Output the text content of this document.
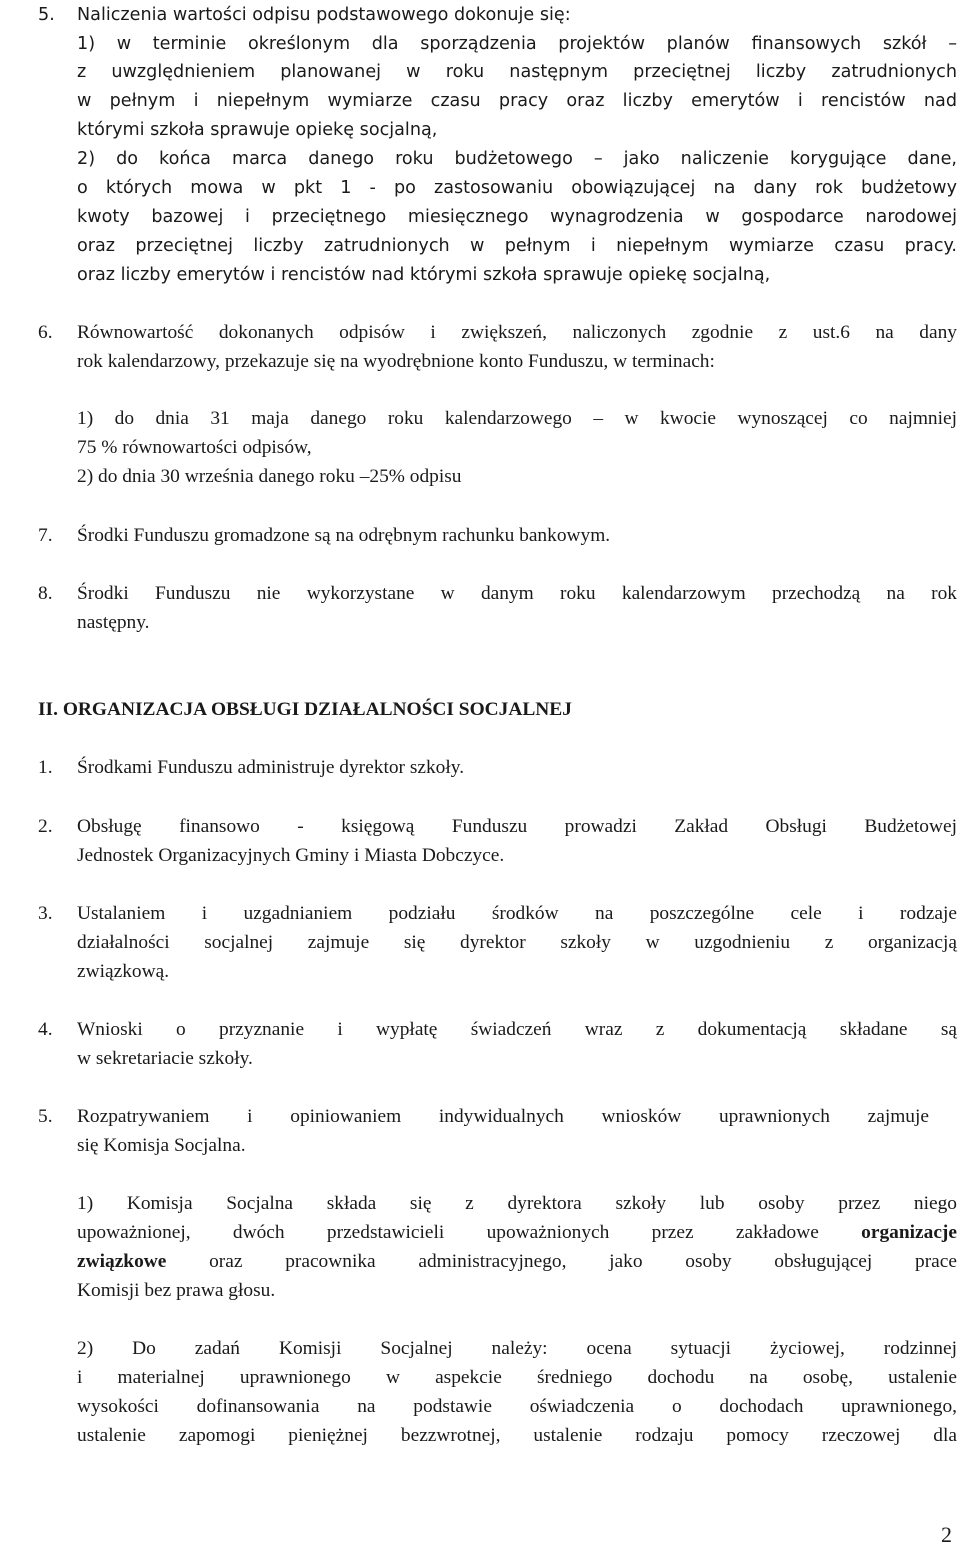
5. Naliczenia wartości odpisu podstawowego dokonuje się:
1) w terminie określonym dla sporządzenia projektów planów finansowych szkół –
z uwzględnieniem planowanej w roku następnym przeciętnej liczby zatrudnionych
w pełnym i niepełnym wymiarze czasu pracy oraz liczby emerytów i rencistów nad
którymi szkoła sprawuje opiekę socjalną,
2) do końca marca danego roku budżetowego – jako naliczenie korygujące dane,
o których mowa w pkt 1 - po zastosowaniu obowiązującej na dany rok budżetowy
kwoty bazowej i przeciętnego miesięcznego wynagrodzenia w gospodarce narodowej
oraz przeciętnej liczby zatrudnionych w pełnym i niepełnym wymiarze czasu pracy.
oraz liczby emerytów i rencistów nad którymi szkoła sprawuje opiekę socjalną,
6. Równowartość dokonanych odpisów i zwiększeń, naliczonych zgodnie z ust.6 na dany
rok kalendarzowy, przekazuje się na wyodrębnione konto Funduszu, w terminach:
1) do dnia 31 maja danego roku kalendarzowego – w kwocie wynoszącej co najmniej
75 % równowartości odpisów,
2) do dnia 30 września danego roku –25% odpisu
7. Środki Funduszu gromadzone są na odrębnym rachunku bankowym.
8. Środki Funduszu nie wykorzystane w danym roku kalendarzowym przechodzą na rok
następny.
II. ORGANIZACJA OBSŁUGI DZIAŁALNOŚCI SOCJALNEJ
1. Środkami Funduszu administruje dyrektor szkoły.
2. Obsługę finansowo - księgową Funduszu prowadzi Zakład Obsługi Budżetowej
Jednostek Organizacyjnych Gminy i Miasta Dobczyce.
3. Ustalaniem i uzgadnianiem podziału środków na poszczególne cele i rodzaje
działalności socjalnej zajmuje się dyrektor szkoły w uzgodnieniu z organizacją
związkową.
4. Wnioski o przyznanie i wypłatę świadczeń wraz z dokumentacją składane są
w sekretariacie szkoły.
5. Rozpatrywaniem i opiniowaniem indywidualnych wniosków uprawnionych zajmuje
się Komisja Socjalna.
1) Komisja Socjalna składa się z dyrektora szkoły lub osoby przez niego
upoważnionej, dwóch przedstawicieli upoważnionych przez zakładowe organizacje
związkowe oraz pracownika administracyjnego, jako osoby obsługującej prace
Komisji bez prawa głosu.
2) Do zadań Komisji Socjalnej należy: ocena sytuacji życiowej, rodzinnej
i materialnej uprawnionego w aspekcie średniego dochodu na osobę, ustalenie
wysokości dofinansowania na podstawie oświadczenia o dochodach uprawnionego,
ustalenie zapomogi pieniężnej bezzwrotnej, ustalenie rodzaju pomocy rzeczowej dla
2
